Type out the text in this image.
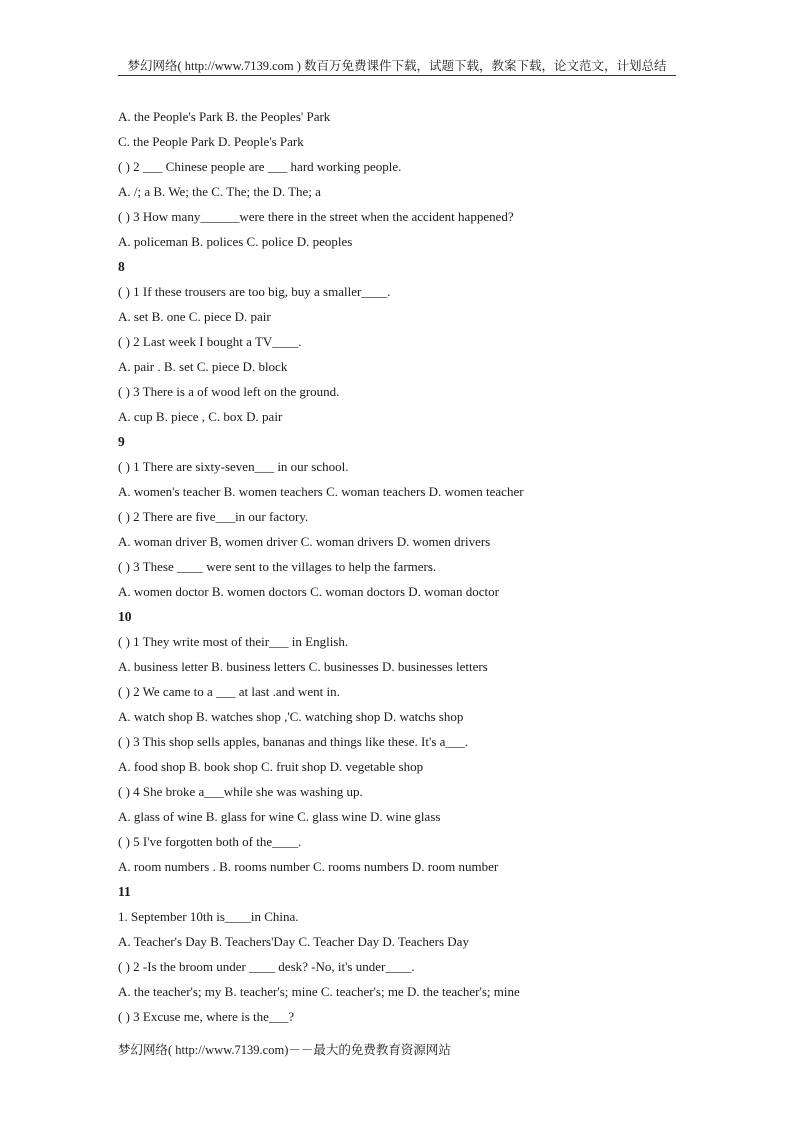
梦幻网络( http://www.7139.com ) 数百万免费课件下载，试题下载，教案下载，论文范文，计划总结
A. the People's Park B. the Peoples' Park
C. the People Park D. People's Park
( ) 2 ___ Chinese people are ___ hard working people.
A. /; a B. We; the C. The; the D. The; a
( ) 3 How many______were there in the street when the accident happened?
A. policeman B. polices C. police D. peoples
8
( ) 1 If these trousers are too big, buy a smaller____.
A. set B. one C. piece D. pair
( ) 2 Last week I bought a TV____.
A. pair . B. set C. piece D. block
( ) 3 There is a of wood left on the ground.
A. cup B. piece , C. box D. pair
9
( ) 1 There are sixty-seven___ in our school.
A. women's teacher B. women teachers C. woman teachers D. women teacher
( ) 2 There are five___in our factory.
A. woman driver B, women driver C. woman drivers D. women drivers
( ) 3 These ____ were sent to the villages to help the farmers.
A. women doctor B. women doctors C. woman doctors D. woman doctor
10
( ) 1 They write most of their___ in English.
A. business letter B. business letters C. businesses D. businesses letters
( ) 2 We came to a ___ at last .and went in.
A. watch shop B. watches shop ,'C. watching shop D. watchs shop
( ) 3 This shop sells apples, bananas and things like these. It's a___.
A. food shop B. book shop C. fruit shop D. vegetable shop
( ) 4 She broke a___while she was washing up.
A. glass of wine B. glass for wine C. glass wine D. wine glass
( ) 5 I've forgotten both of the____.
A. room numbers . B. rooms number C. rooms numbers D. room number
11
1. September 10th is____in China.
A. Teacher's Day B. Teachers'Day C. Teacher Day D. Teachers Day
( ) 2 -Is the broom under ____ desk? -No, it's under____.
A. the teacher's; my B. teacher's; mine C. teacher's; me D. the teacher's; mine
( ) 3 Excuse me, where is the___?
梦幻网络( http://www.7139.com)－－最大的免费教育资源网站
